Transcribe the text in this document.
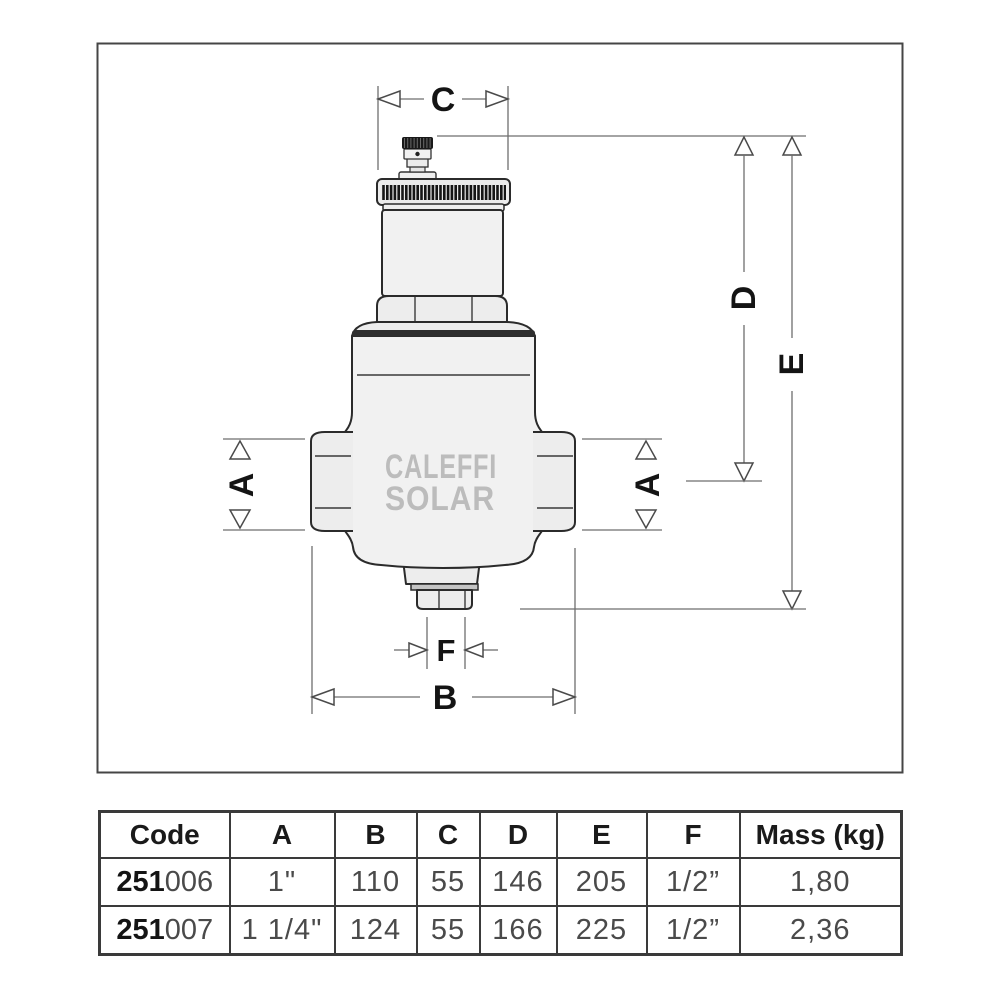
CALEFFI
SOLAR
C
D
E
A	A
F
B
Code	A	B	C	D	E	F	Mass (kg)
251006	1"	110	55	146	205	1/2”	1,80
251007	1 1/4"	124	55	166	225	1/2”	2,36
